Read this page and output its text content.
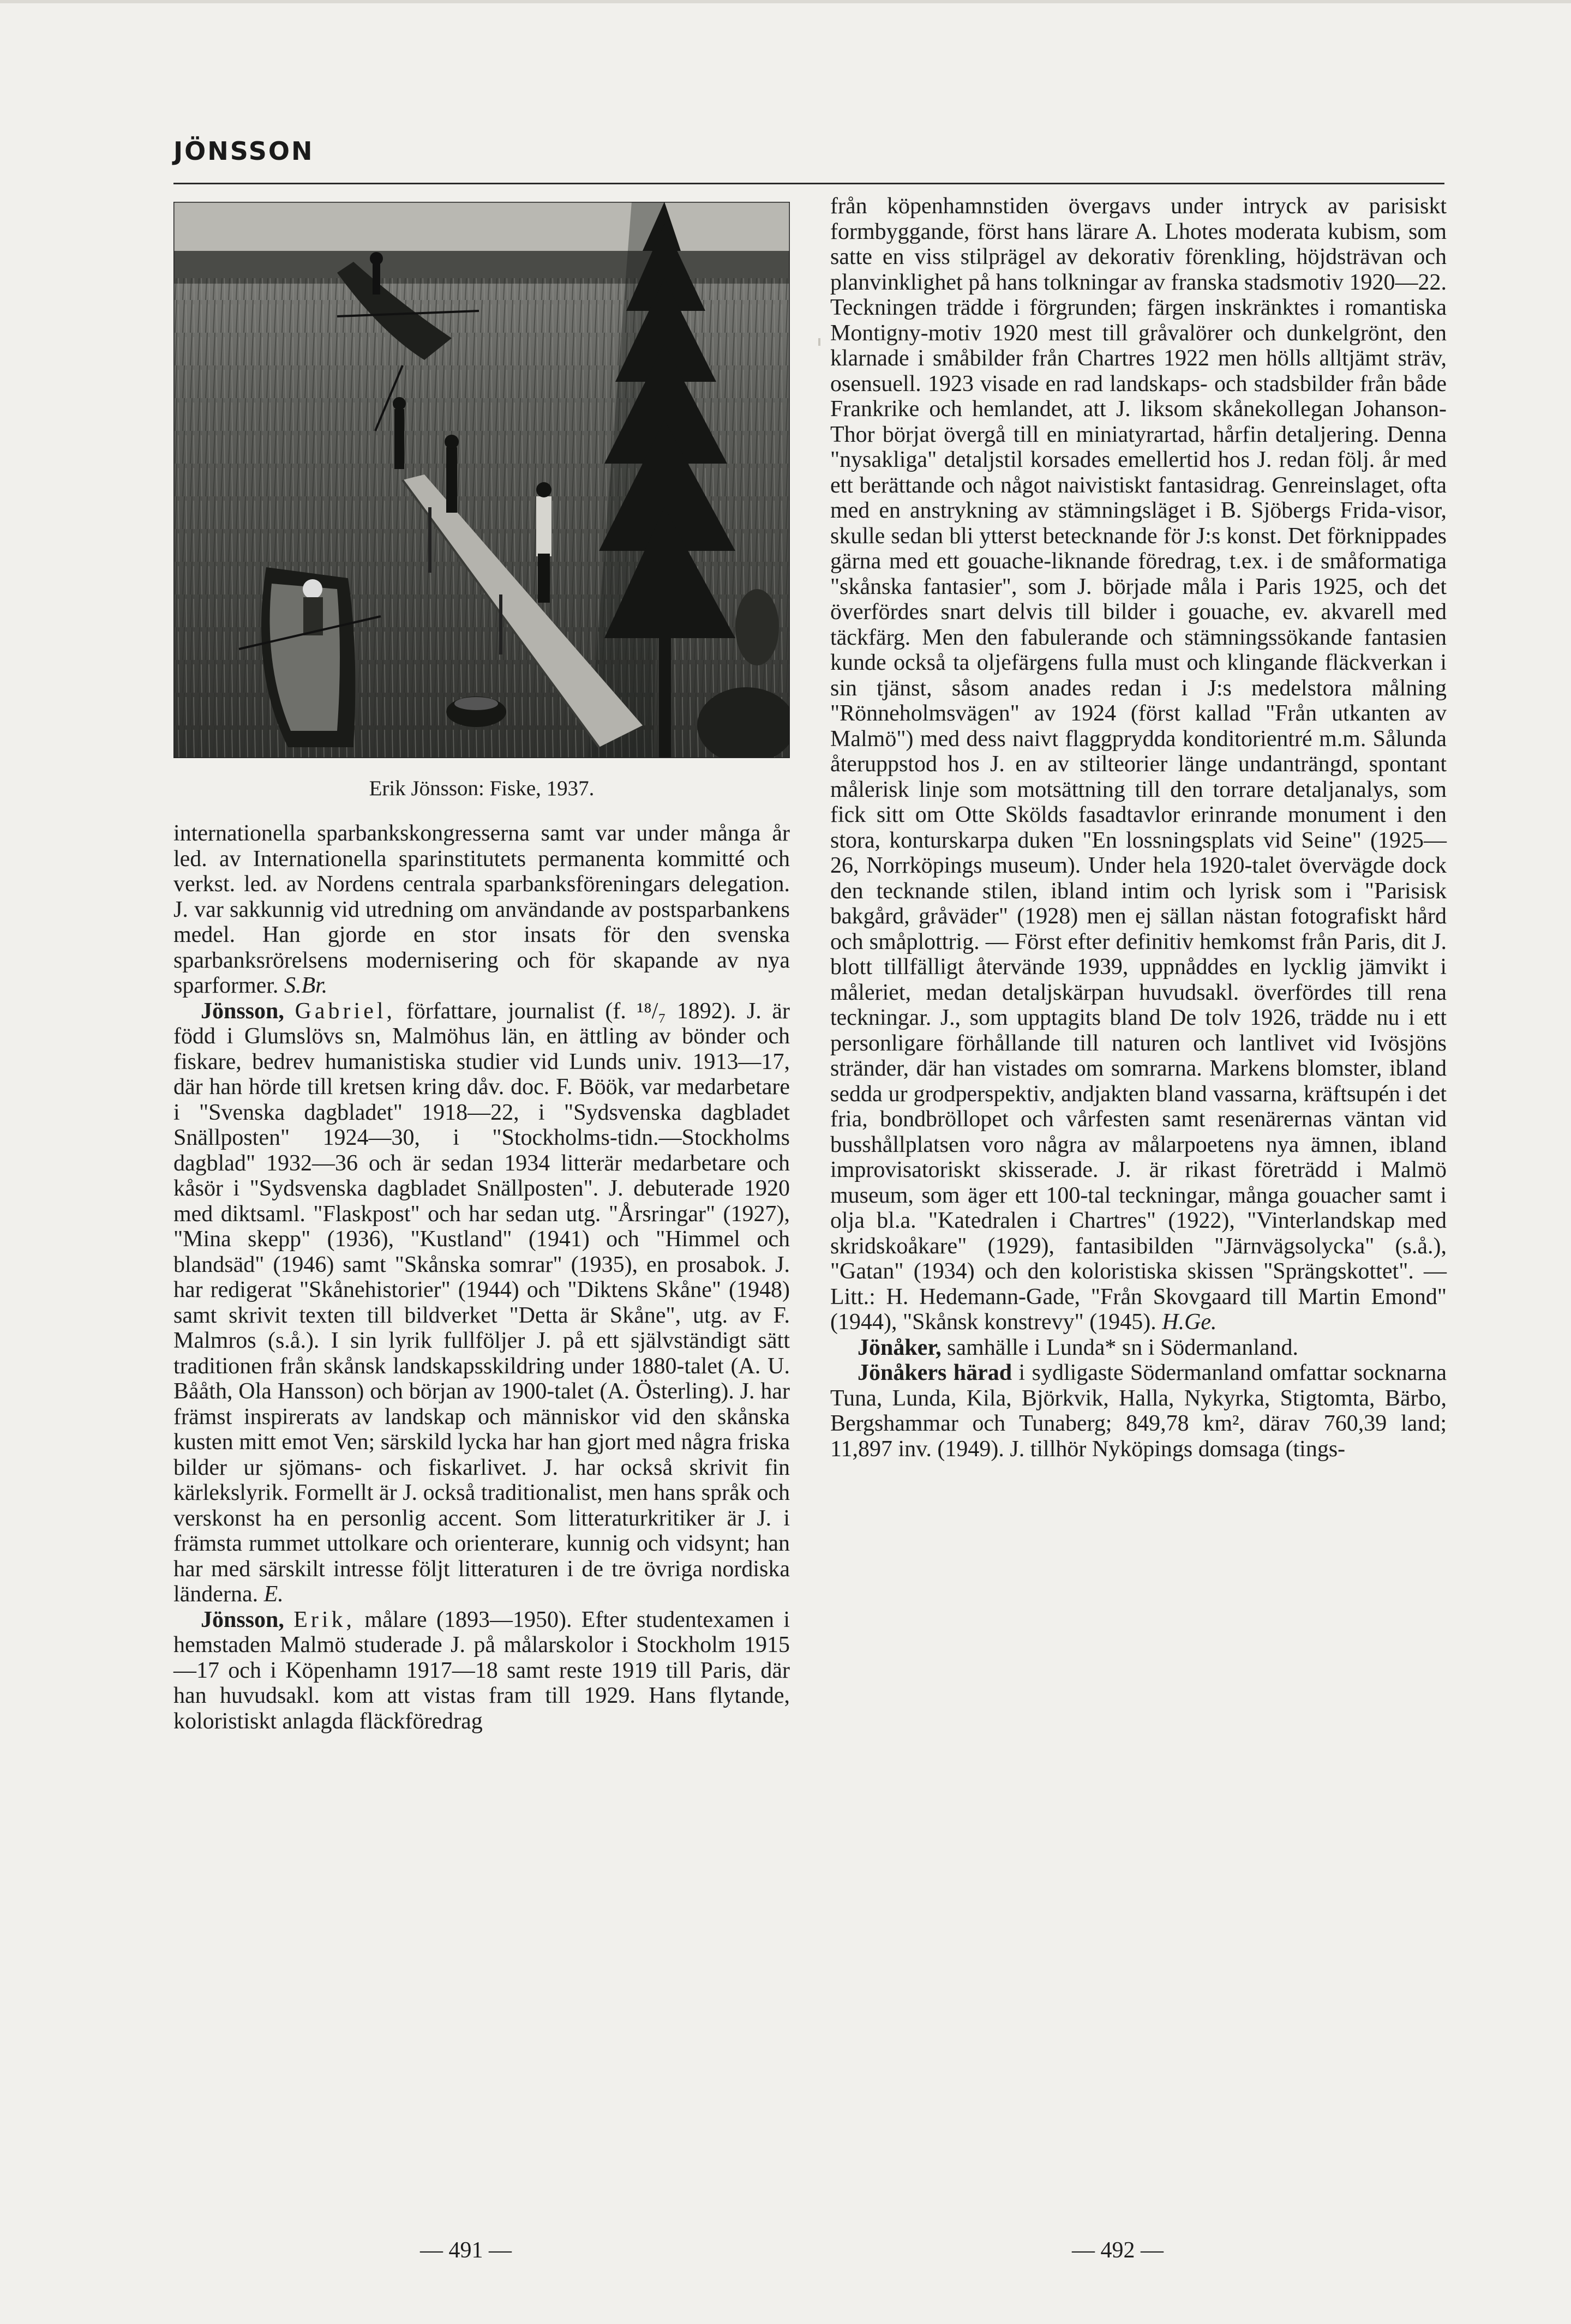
JÖNSSON
Erik Jönsson: Fiske, 1937.

internationella sparbankskongresserna samt var under många år led. av Internationella sparinstitutets permanenta kommitté och verkst. led. av Nordens centrala sparbanksföreningars delegation. J. var sakkunnig vid utredning om användande av postsparbankens medel. Han gjorde en stor insats för den svenska sparbanksrörelsens modernisering och för skapande av nya sparformer. S.Br.

Jönsson, Gabriel, författare, journalist (f. ¹⁸/₇ 1892). J. är född i Glumslövs sn, Malmöhus län, en ättling av bönder och fiskare, bedrev humanistiska studier vid Lunds univ. 1913—17, där han hörde till kretsen kring dåv. doc. F. Böök, var medarbetare i "Svenska dagbladet" 1918—22, i "Sydsvenska dagbladet Snällposten" 1924—30, i "Stockholms-tidn.—Stockholms dagblad" 1932—36 och är sedan 1934 litterär medarbetare och kåsör i "Sydsvenska dagbladet Snällposten". J. debuterade 1920 med diktsaml. "Flaskpost" och har sedan utg. "Årsringar" (1927), "Mina skepp" (1936), "Kustland" (1941) och "Himmel och blandsäd" (1946) samt "Skånska somrar" (1935), en prosabok. J. har redigerat "Skånehistorier" (1944) och "Diktens Skåne" (1948) samt skrivit texten till bildverket "Detta är Skåne", utg. av F. Malmros (s.å.). I sin lyrik fullföljer J. på ett självständigt sätt traditionen från skånsk landskapsskildring under 1880-talet (A. U. Bååth, Ola Hansson) och början av 1900-talet (A. Österling). J. har främst inspirerats av landskap och människor vid den skånska kusten mitt emot Ven; särskild lycka har han gjort med några friska bilder ur sjömans- och fiskarlivet. J. har också skrivit fin kärlekslyrik. Formellt är J. också traditionalist, men hans språk och verskonst ha en personlig accent. Som litteraturkritiker är J. i främsta rummet uttolkare och orienterare, kunnig och vidsynt; han har med särskilt intresse följt litteraturen i de tre övriga nordiska länderna. E.

Jönsson, Erik, målare (1893—1950). Efter studentexamen i hemstaden Malmö studerade J. på målarskolor i Stockholm 1915—17 och i Köpenhamn 1917—18 samt reste 1919 till Paris, där han huvudsakl. kom att vistas fram till 1929. Hans flytande, koloristiskt anlagda fläckföredrag

från köpenhamnstiden övergavs under intryck av parisiskt formbyggande, först hans lärare A. Lhotes moderata kubism, som satte en viss stilprägel av dekorativ förenkling, höjdsträvan och planvinklighet på hans tolkningar av franska stadsmotiv 1920—22. Teckningen trädde i förgrunden; färgen inskränktes i romantiska Montigny-motiv 1920 mest till gråvalörer och dunkelgrönt, den klarnade i småbilder från Chartres 1922 men hölls alltjämt sträv, osensuell. 1923 visade en rad landskaps- och stadsbilder från både Frankrike och hemlandet, att J. liksom skånekollegan Johanson-Thor börjat övergå till en miniatyrartad, hårfin detaljering. Denna "nysakliga" detaljstil korsades emellertid hos J. redan följ. år med ett berättande och något naivistiskt fantasidrag. Genreinslaget, ofta med en anstrykning av stämningsläget i B. Sjöbergs Frida-visor, skulle sedan bli ytterst betecknande för J:s konst. Det förknippades gärna med ett gouache-liknande föredrag, t.ex. i de småformatiga "skånska fantasier", som J. började måla i Paris 1925, och det överfördes snart delvis till bilder i gouache, ev. akvarell med täckfärg. Men den fabulerande och stämningssökande fantasien kunde också ta oljefärgens fulla must och klingande fläckverkan i sin tjänst, såsom anades redan i J:s medelstora målning "Rönneholmsvägen" av 1924 (först kallad "Från utkanten av Malmö") med dess naivt flaggprydda konditorientré m.m. Sålunda återuppstod hos J. en av stilteorier länge undanträngd, spontant målerisk linje som motsättning till den torrare detaljanalys, som fick sitt om Otte Skölds fasadtavlor erinrande monument i den stora, konturskarpa duken "En lossningsplats vid Seine" (1925—26, Norrköpings museum). Under hela 1920-talet övervägde dock den tecknande stilen, ibland intim och lyrisk som i "Parisisk bakgård, gråväder" (1928) men ej sällan nästan fotografiskt hård och småplottrig. — Först efter definitiv hemkomst från Paris, dit J. blott tillfälligt återvände 1939, uppnåddes en lycklig jämvikt i måleriet, medan detaljskärpan huvudsakl. överfördes till rena teckningar. J., som upptagits bland De tolv 1926, trädde nu i ett personligare förhållande till naturen och lantlivet vid Ivösjöns stränder, där han vistades om somrarna. Markens blomster, ibland sedda ur grodperspektiv, andjakten bland vassarna, kräftsupén i det fria, bondbröllopet och vårfesten samt resenärernas väntan vid busshållplatsen voro några av målarpoetens nya ämnen, ibland improvisatoriskt skisserade. J. är rikast företrädd i Malmö museum, som äger ett 100-tal teckningar, många gouacher samt i olja bl.a. "Katedralen i Chartres" (1922), "Vinterlandskap med skridskoåkare" (1929), fantasibilden "Järnvägsolycka" (s.å.), "Gatan" (1934) och den koloristiska skissen "Sprängskottet". — Litt.: H. Hedemann-Gade, "Från Skovgaard till Martin Emond" (1944), "Skånsk konstrevy" (1945). H.Ge.

Jönåker, samhälle i Lunda* sn i Södermanland.

Jönåkers härad i sydligaste Södermanland omfattar socknarna Tuna, Lunda, Kila, Björkvik, Halla, Nykyrka, Stigtomta, Bärbo, Bergshammar och Tunaberg; 849,78 km², därav 760,39 land; 11,897 inv. (1949). J. tillhör Nyköpings domsaga (tings-

— 491 —	— 492 —
